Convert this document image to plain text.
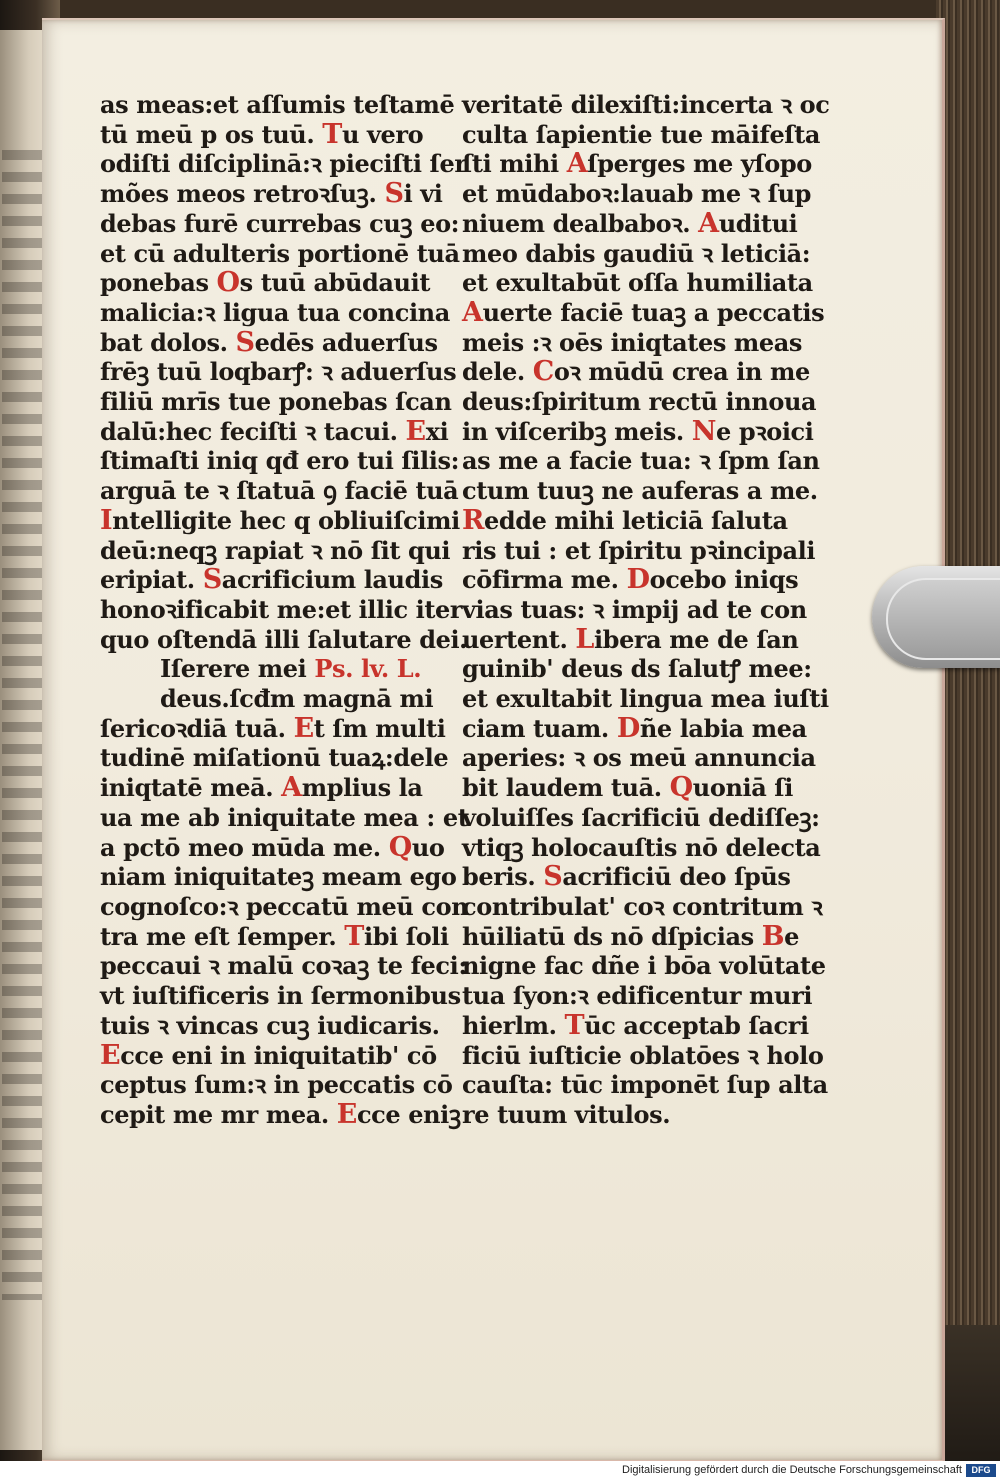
as meas:et aſſumis teſtamē
tū meū p os tuū. Tu vero
odiſti diſciplinā:ꝛ pieciſti ſer
mões meos retroꝛſuꝫ. Si vi
debas furē currebas cuꝫ eo:
et cū adulteris portionē tuā
ponebas Os tuū abūdauit
malicia:ꝛ ligua tua concina
bat dolos. Sedēs aduerſus
frēꝫ tuū loqbarꝭ: ꝛ aduerſus
filiū mrīs tue ponebas ſcan
dalū:hec feciſti ꝛ tacui. Exi
ſtimaſti iniq qđ ero tui ſilis:
arguā te ꝛ ſtatuā ꝯ faciē tuā
Intelligite hec q obliuiſcimi
deū:neqꝫ rapiat ꝛ nō ſit qui
eripiat. Sacrificium laudis
honoꝛificabit me:et illic iter
quo oſtendā illi ſalutare dei.
Iſerere mei Ps. lv. L.
deus.ſcđm magnā mi
ſericoꝛdiā tuā. Et ſm multi
tudinē miſationū tuaꝝ:dele
iniqtatē meā. Amplius la
ua me ab iniquitate mea : et
a pctō meo mūda me. Quo
niam iniquitateꝫ meam ego
cognoſco:ꝛ peccatū meū con
tra me eſt ſemper. Tibi ſoli
peccaui ꝛ malū coꝛaꝫ te feci:
vt iuſtificeris in ſermonibus
tuis ꝛ vincas cuꝫ iudicaris.
Ecce eni in iniquitatib' cō
ceptus ſum:ꝛ in peccatis cō
cepit me mr mea. Ecce eniꝫ
veritatē dilexiſti:incerta ꝛ oc
culta ſapientie tue māifeſta
ſti mihi Aſperges me yſopo
et mūdaboꝛ:lauab me ꝛ ſup
niuem dealbaboꝛ. Auditui
meo dabis gaudiū ꝛ leticiā:
et exultabūt oſſa humiliata
Auerte faciē tuaꝫ a peccatis
meis :ꝛ oēs iniqtates meas
dele. Coꝛ mūdū crea in me
deus:ſpiritum rectū innoua
in viſceribꝫ meis. Ne pꝛoici
as me a facie tua: ꝛ ſpm ſan
ctum tuuꝫ ne auferas a me.
Redde mihi leticiā ſaluta
ris tui : et ſpiritu pꝛincipali
cōfirma me. Docebo iniqs
vias tuas: ꝛ impij ad te con
uertent. Libera me de ſan
guinib' deus ds ſalutꝭ mee:
et exultabit lingua mea iuſti
ciam tuam. Dñe labia mea
aperies: ꝛ os meū annuncia
bit laudem tuā. Quoniā ſi
voluiſſes ſacrificiū dediſſeꝫ:
vtiqꝫ holocauſtis nō delecta
beris. Sacrificiū deo ſpūs
contribulat' coꝛ contritum ꝛ
hūiliatū ds nō dſpicias Be
nigne fac dñe i bōa volūtate
tua ſyon:ꝛ edificentur muri
hierlm. Tūc acceptab ſacri
ficiū iuſticie oblatōes ꝛ holo
cauſta: tūc imponēt ſup alta
re tuum vitulos.
Digitalisierung gefördert durch die Deutsche Forschungsgemeinschaft	DFG
